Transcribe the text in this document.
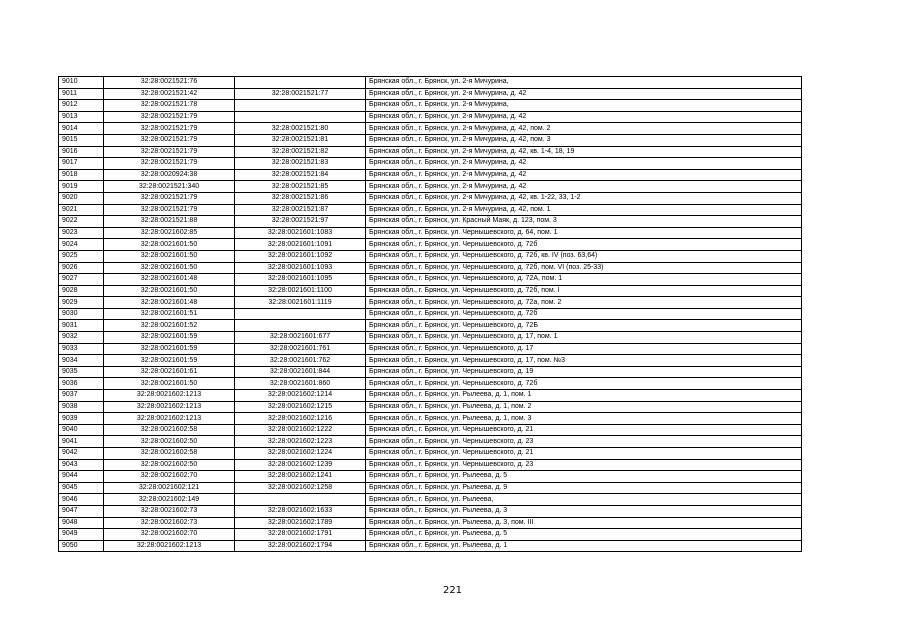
9010	32:28:0021521:76		Брянская обл., г. Брянск, ул. 2-я Мичурина,
9011	32:28:0021521:42	32:28:0021521:77	Брянская обл., г. Брянск, ул. 2-я Мичурина, д. 42
9012	32:28:0021521:78		Брянская обл., г. Брянск, ул. 2-я Мичурина,
9013	32:28:0021521:79		Брянская обл., г. Брянск, ул. 2-я Мичурина, д. 42
9014	32:28:0021521:79	32:28:0021521:80	Брянская обл., г. Брянск, ул. 2-я Мичурина, д. 42, пом. 2
9015	32:28:0021521:79	32:28:0021521:81	Брянская обл., г. Брянск, ул. 2-я Мичурина, д. 42, пом. 3
9016	32:28:0021521:79	32:28:0021521:82	Брянская обл., г. Брянск, ул. 2-я Мичурина, д. 42, кв. 1-4, 18, 19
9017	32:28:0021521:79	32:28:0021521:83	Брянская обл., г. Брянск, ул. 2-я Мичурина, д. 42
9018	32:28:0020924:38	32:28:0021521:84	Брянская обл., г. Брянск, ул. 2-я Мичурина, д. 42
9019	32:28:0021521:340	32:28:0021521:85	Брянская обл., г. Брянск, ул. 2-я Мичурина, д. 42
9020	32:28:0021521:79	32:28:0021521:86	Брянская обл., г. Брянск, ул. 2-я Мичурина, д. 42, кв. 1-22, 33, 1-2
9021	32:28:0021521:79	32:28:0021521:87	Брянская обл., г. Брянск, ул. 2-я Мичурина, д. 42, пом. 1
9022	32:28:0021521:88	32:28:0021521:97	Брянская обл., г. Брянск, ул. Красный Маяк, д. 123, пом. 3
9023	32:28:0021602:85	32:28:0021601:1083	Брянская обл., г. Брянск, ул. Чернышевского, д. 64, пом. 1
9024	32:28:0021601:50	32:28:0021601:1091	Брянская обл., г. Брянск, ул. Чернышевского, д. 72б
9025	32:28:0021601:50	32:28:0021601:1092	Брянская обл., г. Брянск, ул. Чернышевского, д. 72б, кв. IV (поз. 63,64)
9026	32:28:0021601:50	32:28:0021601:1093	Брянская обл., г. Брянск, ул. Чернышевского, д. 72б, пом. VI (поз. 25-33)
9027	32:28:0021601:48	32:28:0021601:1095	Брянская обл., г. Брянск, ул. Чернышевского, д. 72А, пом. 1
9028	32:28:0021601:50	32:28:0021601:1100	Брянская обл., г. Брянск, ул. Чернышевского, д. 72б, пом. I
9029	32:28:0021601:48	32:28:0021601:1119	Брянская обл., г. Брянск, ул. Чернышевского, д. 72а, пом. 2
9030	32:28:0021601:51		Брянская обл., г. Брянск, ул. Чернышевского, д. 72б
9031	32:28:0021601:52		Брянская обл., г. Брянск, ул. Чернышевского, д. 72Б
9032	32:28:0021601:59	32:28:0021601:677	Брянская обл., г. Брянск, ул. Чернышевского, д. 17, пом. 1
9033	32:28:0021601:59	32:28:0021601:761	Брянская обл., г. Брянск, ул. Чернышевского, д. 17
9034	32:28:0021601:59	32:28:0021601:762	Брянская обл., г. Брянск, ул. Чернышевского, д. 17, пом. №3
9035	32:28:0021601:61	32:28:0021601:844	Брянская обл., г. Брянск, ул. Чернышевского, д. 19
9036	32:28:0021601:50	32:28:0021601:860	Брянская обл., г. Брянск, ул. Чернышевского, д. 72б
9037	32:28:0021602:1213	32:28:0021602:1214	Брянская обл., г. Брянск, ул. Рылеева, д. 1, пом. 1
9038	32:28:0021602:1213	32:28:0021602:1215	Брянская обл., г. Брянск, ул. Рылеева, д. 1, пом. 2
9039	32:28:0021602:1213	32:28:0021602:1216	Брянская обл., г. Брянск, ул. Рылеева, д. 1, пом. 3
9040	32:28:0021602:58	32:28:0021602:1222	Брянская обл., г. Брянск, ул. Чернышевского, д. 21
9041	32:28:0021602:50	32:28:0021602:1223	Брянская обл., г. Брянск, ул. Чернышевского, д. 23
9042	32:28:0021602:58	32:28:0021602:1224	Брянская обл., г. Брянск, ул. Чернышевского, д. 21
9043	32:28:0021602:50	32:28:0021602:1239	Брянская обл., г. Брянск, ул. Чернышевского, д. 23
9044	32:28:0021602:70	32:28:0021602:1241	Брянская обл., г. Брянск, ул. Рылеева, д. 5
9045	32:28:0021602:121	32:28:0021602:1258	Брянская обл., г. Брянск, ул. Рылеева, д. 9
9046	32:28:0021602:149		Брянская обл., г. Брянск, ул. Рылеева,
9047	32:28:0021602:73	32:28:0021602:1633	Брянская обл., г. Брянск, ул. Рылеева, д. 3
9048	32:28:0021602:73	32:28:0021602:1789	Брянская обл., г. Брянск, ул. Рылеева, д. 3, пом. III
9049	32:28:0021602:70	32:28:0021602:1791	Брянская обл., г. Брянск, ул. Рылеева, д. 5
9050	32:28:0021602:1213	32:28:0021602:1794	Брянская обл., г. Брянск, ул. Рылеева, д. 1
221
